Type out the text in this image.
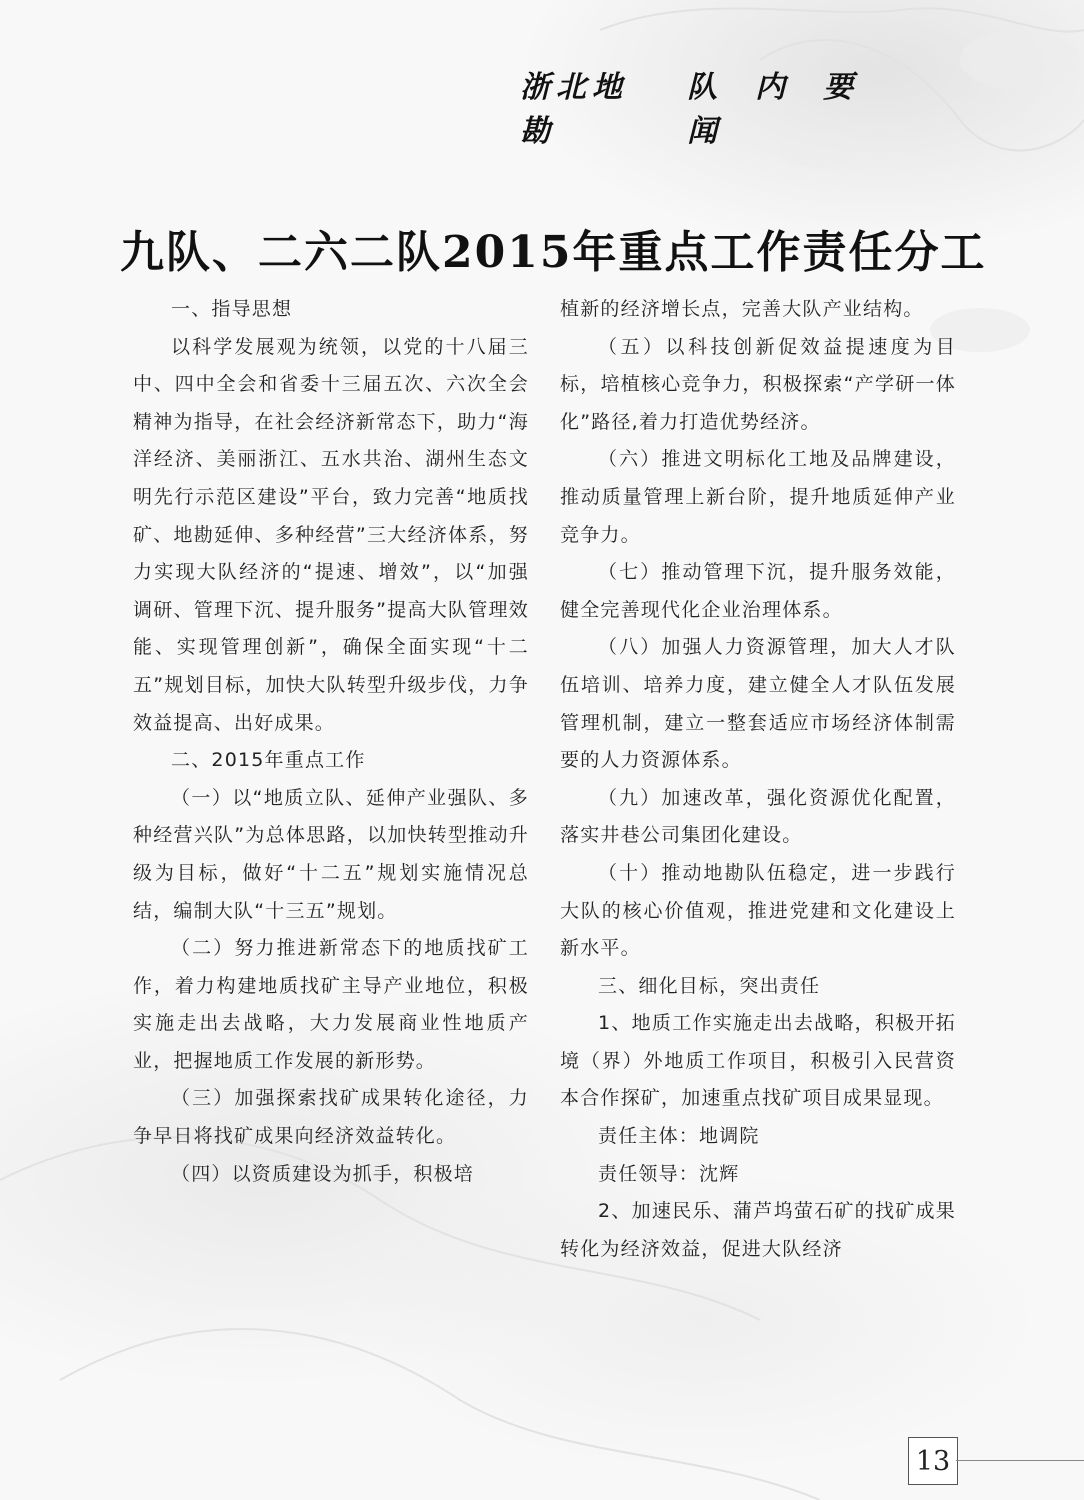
浙北地勘
队内要闻
九队、二六二队2015年重点工作责任分工

一、指导思想

以科学发展观为统领，以党的十八届三中、四中全会和省委十三届五次、六次全会精神为指导，在社会经济新常态下，助力“海洋经济、美丽浙江、五水共治、湖州生态文明先行示范区建设”平台，致力完善“地质找矿、地勘延伸、多种经营”三大经济体系，努力实现大队经济的“提速、增效”，以“加强调研、管理下沉、提升服务”提高大队管理效能、实现管理创新”，确保全面实现“十二五”规划目标，加快大队转型升级步伐，力争效益提高、出好成果。

二、2015年重点工作

（一）以“地质立队、延伸产业强队、多种经营兴队”为总体思路，以加快转型推动升级为目标，做好“十二五”规划实施情况总结，编制大队“十三五”规划。

（二）努力推进新常态下的地质找矿工作，着力构建地质找矿主导产业地位，积极实施走出去战略，大力发展商业性地质产业，把握地质工作发展的新形势。

（三）加强探索找矿成果转化途径，力争早日将找矿成果向经济效益转化。

（四）以资质建设为抓手，积极培

植新的经济增长点，完善大队产业结构。

（五）以科技创新促效益提速度为目标，培植核心竞争力，积极探索“产学研一体化”路径,着力打造优势经济。

（六）推进文明标化工地及品牌建设，推动质量管理上新台阶，提升地质延伸产业竞争力。

（七）推动管理下沉，提升服务效能，健全完善现代化企业治理体系。

（八）加强人力资源管理，加大人才队伍培训、培养力度，建立健全人才队伍发展管理机制，建立一整套适应市场经济体制需要的人力资源体系。

（九）加速改革，强化资源优化配置，落实井巷公司集团化建设。

（十）推动地勘队伍稳定，进一步践行大队的核心价值观，推进党建和文化建设上新水平。

三、细化目标，突出责任

1、地质工作实施走出去战略，积极开拓境（界）外地质工作项目，积极引入民营资本合作探矿，加速重点找矿项目成果显现。

责任主体：地调院

责任领导：沈辉

2、加速民乐、蒲芦坞萤石矿的找矿成果转化为经济效益，促进大队经济

13
